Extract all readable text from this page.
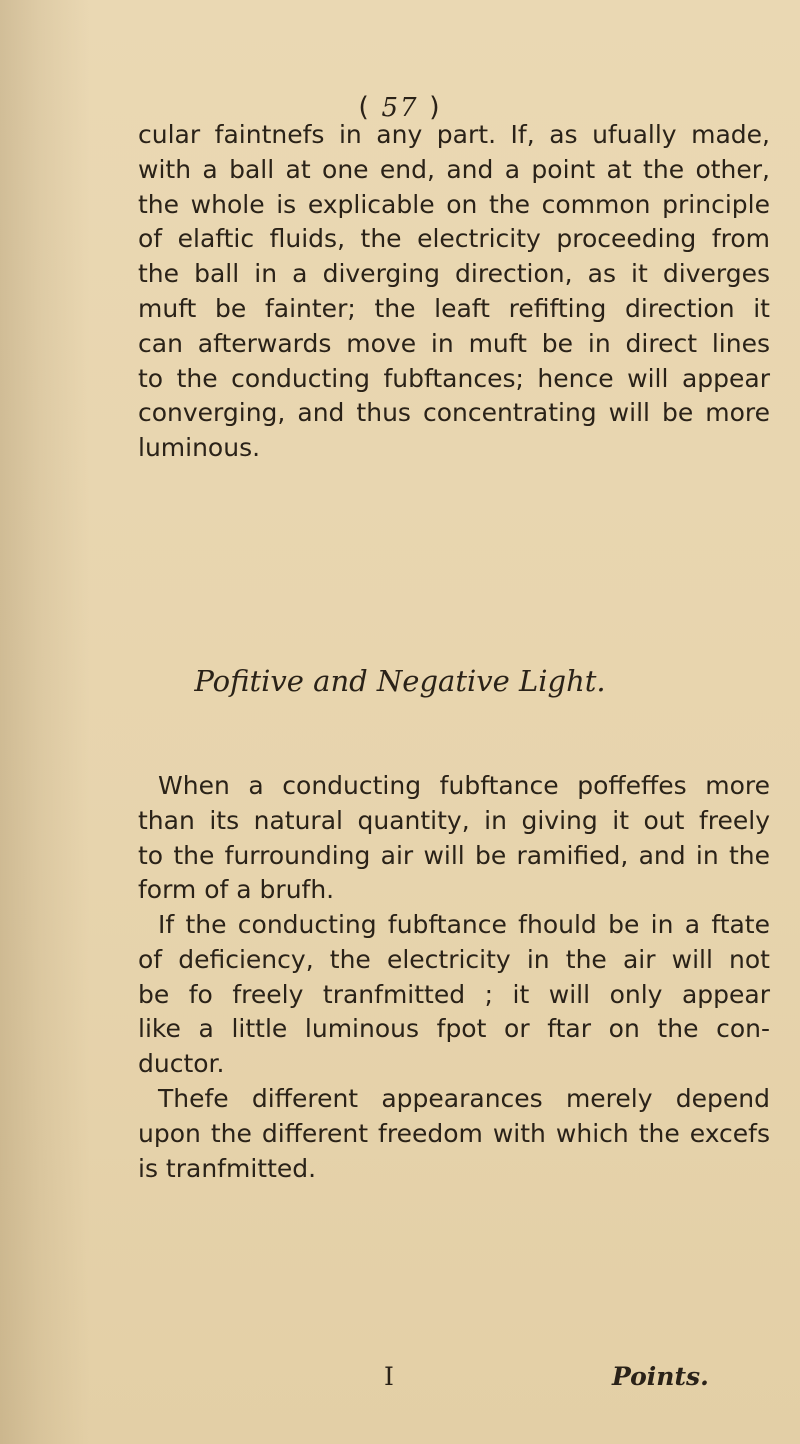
( 57 )
cular faintnefs in any part. If, as ufually made,
with a ball at one end, and a point at the other,
the whole is explicable on the common principle
of elaftic fluids, the electricity proceeding from
the ball in a diverging direction, as it diverges
muft be fainter; the leaft refifting direction it
can afterwards move in muft be in direct lines
to the conducting fubftances; hence will appear
converging, and thus concentrating will be more
luminous.
Pofitive and Negative Light.
When a conducting fubftance poffeffes more
than its natural quantity, in giving it out freely
to the furrounding air will be ramified, and in the
form of a brufh.
If the conducting fubftance fhould be in a ftate
of deficiency, the electricity in the air will not
be fo freely tranfmitted ; it will only appear
like a little luminous fpot or ftar on the con-
ductor.
Thefe different appearances merely depend
upon the different freedom with which the excefs
is tranfmitted.
I	Points.
